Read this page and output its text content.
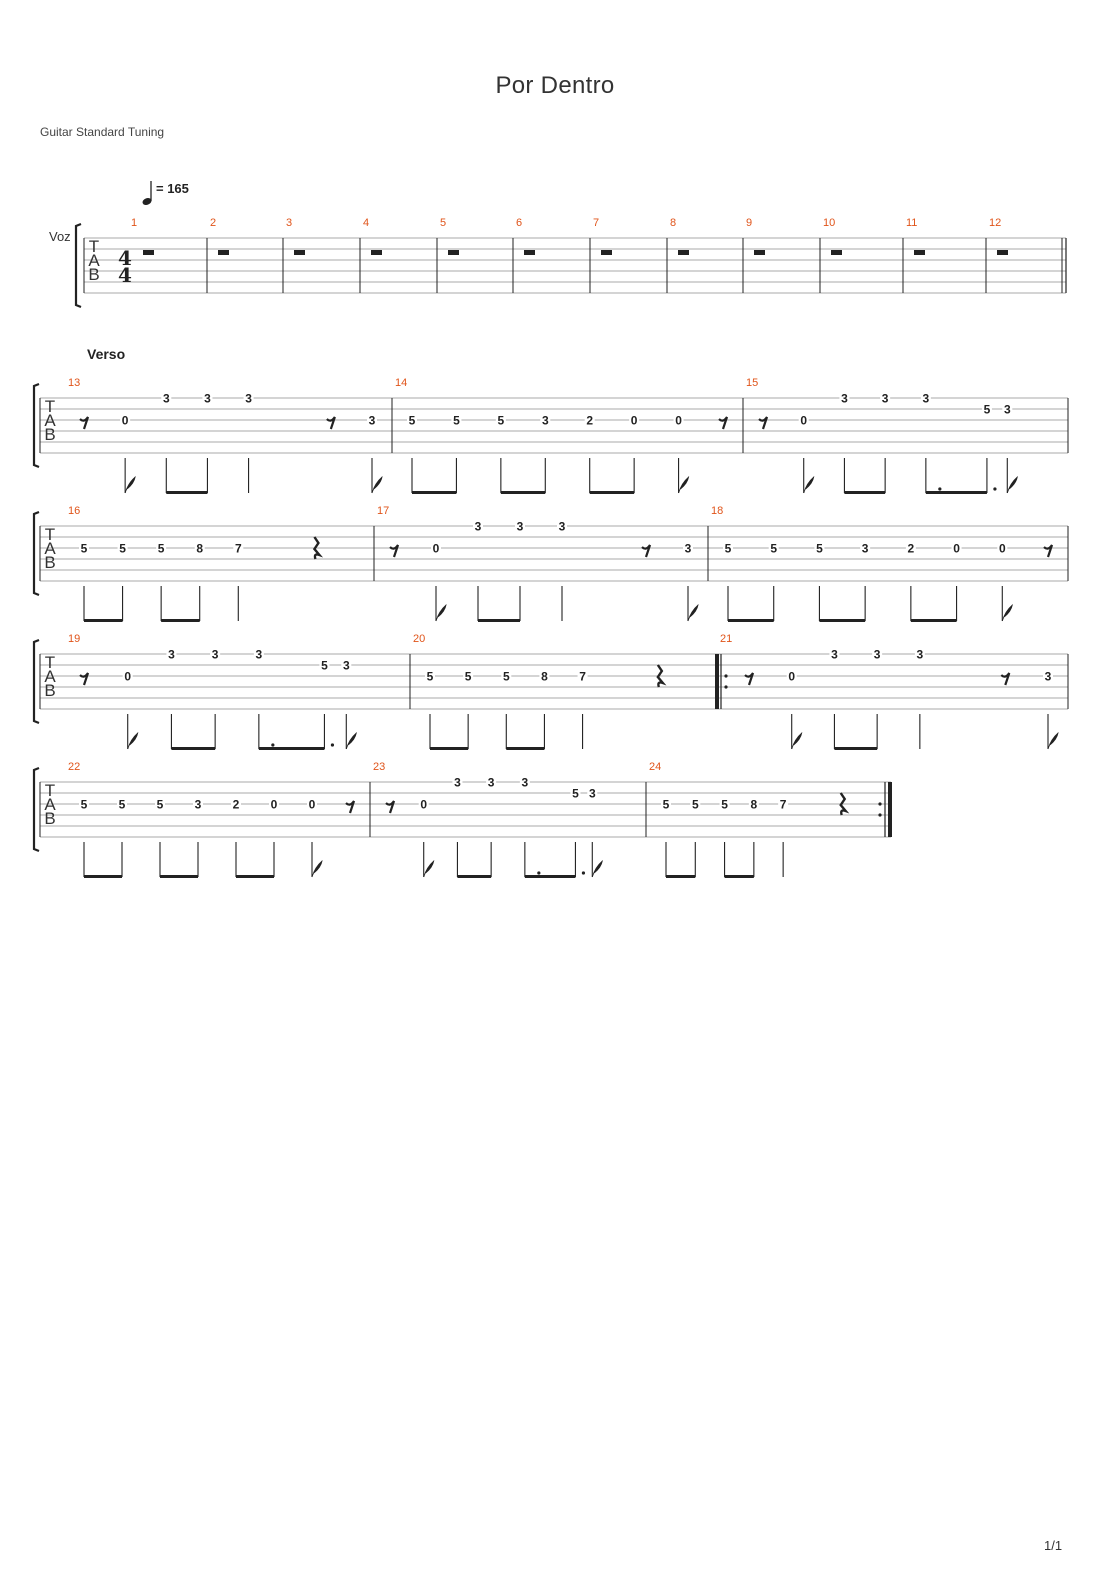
Por Dentro
Guitar Standard Tuning
= 165
Voz
Verso
1/1
T
A
B
4
4
1	2	3	4	5	6	7	8	9	10	11	12
T
A
B
13
0
3	3	3
3
14
5	5	5	3	2	0	0
15
0
3	3	3
5 3
T
A
B
16
5	5	5	8	7
17
0
3	3	3
3
18
5	5	5	3	2	0	0
T
A
B
19
0
3	3	3
5 3
20
5	5	5	8	7
21
0
3	3	3
3
T
A
B
22
5	5	5	3	2	0	0
23
0
3 3 3
5 3
24
5 5 5 8 7
